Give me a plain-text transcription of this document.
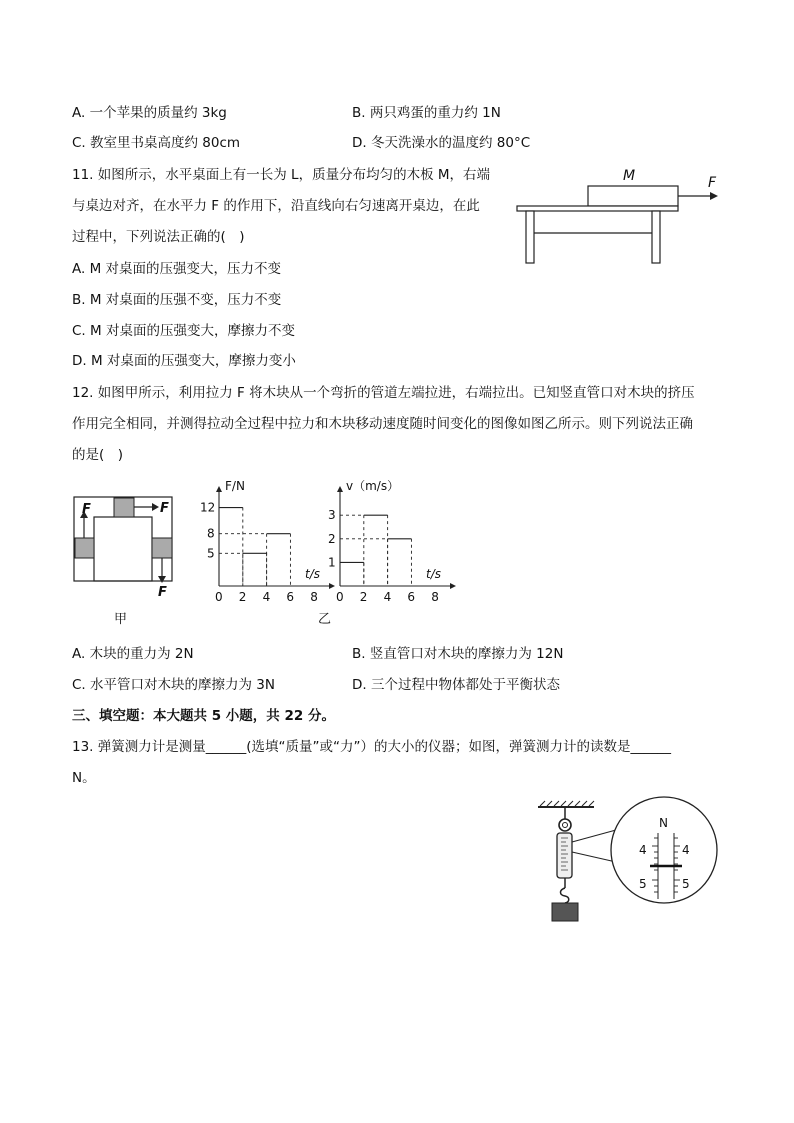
A. 一个苹果的质量约 3kg	B. 两只鸡蛋的重力约 1N
C. 教室里书桌高度约 80cm	D. 冬天洗澡水的温度约 80°C
11. 如图所示，水平桌面上有一长为 L，质量分布均匀的木板 M，右端
与桌边对齐，在水平力 F 的作用下，沿直线向右匀速离开桌边，在此
过程中，下列说法正确的(　)
A. M 对桌面的压强变大，压力不变
B. M 对桌面的压强不变，压力不变
C. M 对桌面的压强变大，摩擦力不变
D. M 对桌面的压强变大，摩擦力变小
M	F
12. 如图甲所示，利用拉力 F 将木块从一个弯折的管道左端拉进，右端拉出。已知竖直管口对木块的挤压
作用完全相同，并测得拉动全过程中拉力和木块移动速度随时间变化的图像如图乙所示。则下列说法正确
的是(　)
F	F
F
甲	乙
F/N
t/s
0 2 4 6 8
5
8
12
v（m/s）
t/s
0 2 4 6 8
1
2
3
A. 木块的重力为 2N	B. 竖直管口对木块的摩擦力为 12N
C. 水平管口对木块的摩擦力为 3N	D. 三个过程中物体都处于平衡状态
三、填空题：本大题共 5 小题，共 22 分。
13. 弹簧测力计是测量______(选填“质量”或“力”）的大小的仪器；如图，弹簧测力计的读数是______
N。
N
4	4
5	5
